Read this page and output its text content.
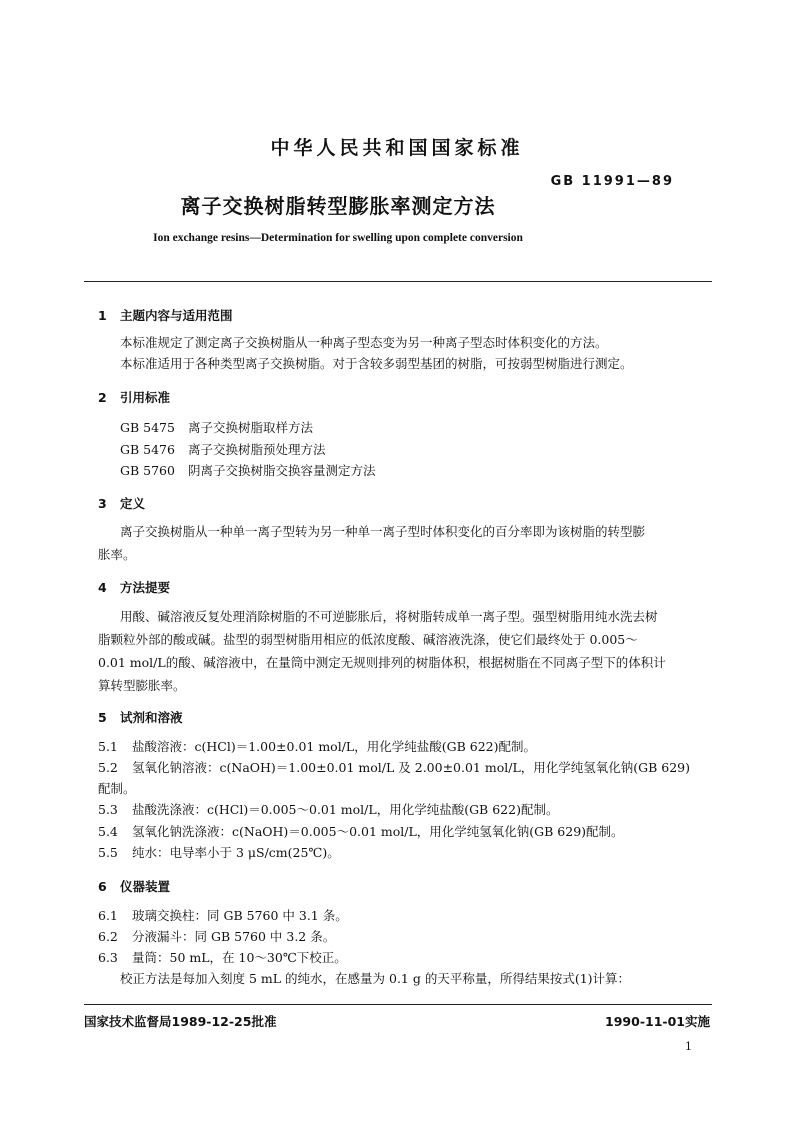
中华人民共和国国家标准
GB 11991—89
离子交换树脂转型膨胀率测定方法
Ion exchange resins—Determination for swelling upon complete conversion
1 主题内容与适用范围
本标准规定了测定离子交换树脂从一种离子型态变为另一种离子型态时体积变化的方法。
本标准适用于各种类型离子交换树脂。对于含较多弱型基团的树脂，可按弱型树脂进行测定。
2 引用标准
GB 5475 离子交换树脂取样方法
GB 5476 离子交换树脂预处理方法
GB 5760 阴离子交换树脂交换容量测定方法
3 定义
离子交换树脂从一种单一离子型转为另一种单一离子型时体积变化的百分率即为该树脂的转型膨
胀率。
4 方法提要
用酸、碱溶液反复处理消除树脂的不可逆膨胀后，将树脂转成单一离子型。强型树脂用纯水洗去树
脂颗粒外部的酸或碱。盐型的弱型树脂用相应的低浓度酸、碱溶液洗涤，使它们最终处于 0.005～
0.01 mol/L的酸、碱溶液中，在量筒中测定无规则排列的树脂体积，根据树脂在不同离子型下的体积计
算转型膨胀率。
5 试剂和溶液
5.1 盐酸溶液：c(HCl)＝1.00±0.01 mol/L，用化学纯盐酸(GB 622)配制。
5.2 氢氧化钠溶液：c(NaOH)＝1.00±0.01 mol/L 及 2.00±0.01 mol/L，用化学纯氢氧化钠(GB 629)
配制。
5.3 盐酸洗涤液：c(HCl)＝0.005～0.01 mol/L，用化学纯盐酸(GB 622)配制。
5.4 氢氧化钠洗涤液：c(NaOH)＝0.005～0.01 mol/L，用化学纯氢氧化钠(GB 629)配制。
5.5 纯水：电导率小于 3 μS/cm(25℃)。
6 仪器装置
6.1 玻璃交换柱：同 GB 5760 中 3.1 条。
6.2 分液漏斗：同 GB 5760 中 3.2 条。
6.3 量筒：50 mL，在 10～30℃下校正。
校正方法是每加入刻度 5 mL 的纯水，在感量为 0.1 g 的天平称量，所得结果按式(1)计算：
国家技术监督局1989-12-25批准	1990-11-01实施
1
